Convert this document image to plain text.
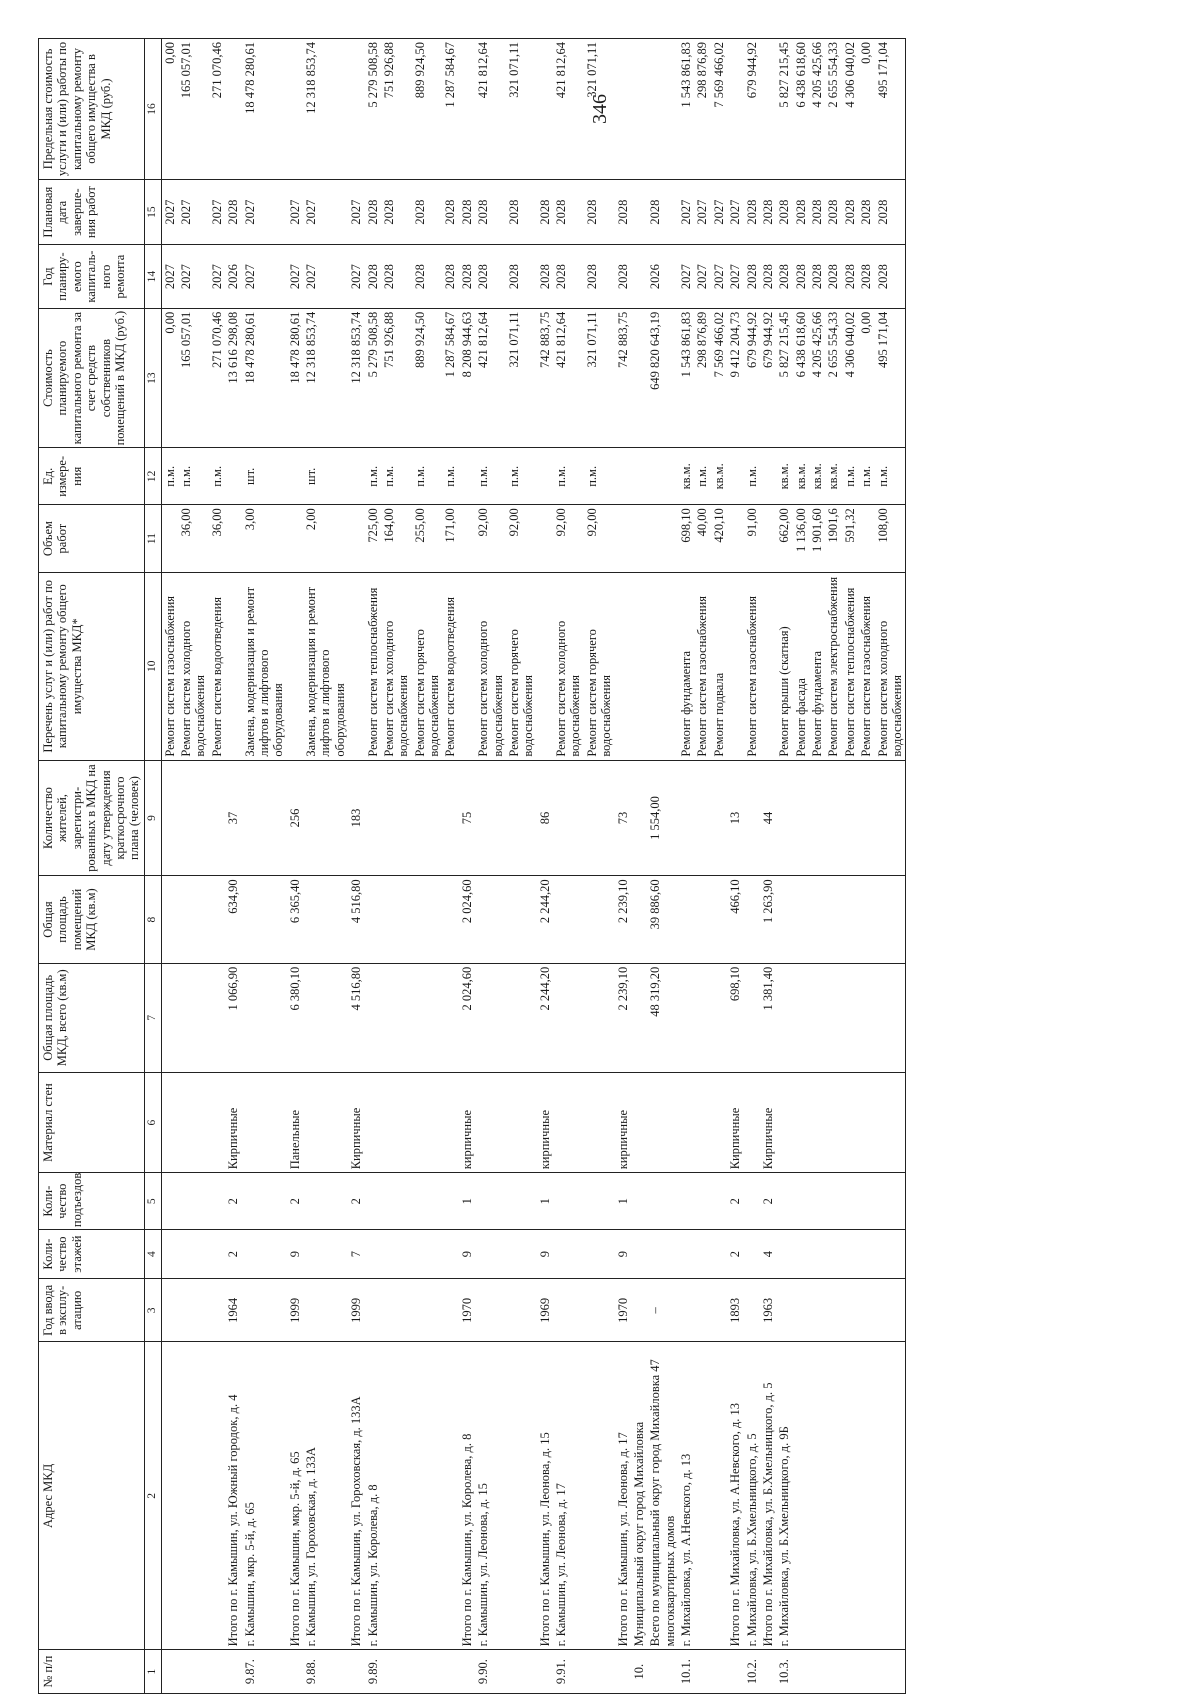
346
№ п/п	Адрес МКД	Год ввода в эксплу-атацию	Коли-чество этажей	Коли-чество подъездов	Материал стен	Общая площадь МКД, всего (кв.м)	Общая площадь помещений МКД (кв.м)	Количество жителей, зарегистри-рованных в МКД на дату утверждения краткосрочного плана (человек)	Перечень услуг и (или) работ по капитальному ремонту общего имущества МКД*	Объем работ	Ед. измере-ния	Стоимость планируемого капитального ремонта за счет средств собственников помещений в МКД (руб.)	Год планиру-емого капиталь-ного ремонта	Плановая дата заверше-ния работ	Предельная стоимость услуги и (или) работы по капитальному ремонту общего имущества в МКД (руб.)
1	2	3	4	5	6	7	8	9	10	11	12	13	14	15	16
									Ремонт систем газоснабжения		п.м.	0,00	2027	2027	0,00
									Ремонт систем холодного водоснабжения	36,00	п.м.	165 057,01	2027	2027	165 057,01
									Ремонт систем водоотведения	36,00	п.м.	271 070,46	2027	2027	271 070,46
	Итого по г. Камышин, ул. Южный городок, д. 4	1964	2	2	Кирпичные	1 066,90	634,90	37				13 616 298,08	2026	2028	
9.87.	г. Камышин, мкр. 5-й, д. 65								Замена, модернизация и ремонт лифтов и лифтового оборудования	3,00	шт.	18 478 280,61	2027	2027	18 478 280,61
	Итого по г. Камышин, мкр. 5-й, д. 65	1999	9	2	Панельные	6 380,10	6 365,40	256				18 478 280,61	2027	2027	
9.88.	г. Камышин, ул. Гороховская, д. 133А								Замена, модернизация и ремонт лифтов и лифтового оборудования	2,00	шт.	12 318 853,74	2027	2027	12 318 853,74
	Итого по г. Камышин, ул. Гороховская, д. 133А	1999	7	2	Кирпичные	4 516,80	4 516,80	183				12 318 853,74	2027	2027	
9.89.	г. Камышин, ул. Королева, д. 8								Ремонт систем теплоснабжения	725,00	п.м.	5 279 508,58	2028	2028	5 279 508,58
									Ремонт систем холодного водоснабжения	164,00	п.м.	751 926,88	2028	2028	751 926,88
									Ремонт систем горячего водоснабжения	255,00	п.м.	889 924,50	2028	2028	889 924,50
									Ремонт систем водоотведения	171,00	п.м.	1 287 584,67	2028	2028	1 287 584,67
	Итого по г. Камышин, ул. Королева, д. 8	1970	9	1	кирпичные	2 024,60	2 024,60	75				8 208 944,63	2028	2028	
9.90.	г. Камышин, ул. Леонова, д. 15								Ремонт систем холодного водоснабжения	92,00	п.м.	421 812,64	2028	2028	421 812,64
									Ремонт систем горячего водоснабжения	92,00	п.м.	321 071,11	2028	2028	321 071,11
	Итого по г. Камышин, ул. Леонова, д. 15	1969	9	1	кирпичные	2 244,20	2 244,20	86				742 883,75	2028	2028	
9.91.	г. Камышин, ул. Леонова, д. 17								Ремонт систем холодного водоснабжения	92,00	п.м.	421 812,64	2028	2028	421 812,64
									Ремонт систем горячего водоснабжения	92,00	п.м.	321 071,11	2028	2028	321 071,11
	Итого по г. Камышин, ул. Леонова, д. 17	1970	9	1	кирпичные	2 239,10	2 239,10	73				742 883,75	2028	2028	
10.	Муниципальный округ город Михайловка														
	Всего по муниципальный округ город Михайловка 47 многоквартирных домов	–				48 319,20	39 886,60	1 554,00				649 820 643,19	2026	2028	
10.1.	г. Михайловка, ул. А.Невского, д. 13								Ремонт фундамента	698,10	кв.м.	1 543 861,83	2027	2027	1 543 861,83
									Ремонт систем газоснабжения	40,00	п.м.	298 876,89	2027	2027	298 876,89
									Ремонт подвала	420,10	кв.м.	7 569 466,02	2027	2027	7 569 466,02
	Итого по г. Михайловка, ул. А.Невского, д. 13	1893	2	2	Кирпичные	698,10	466,10	13				9 412 204,73	2027	2027	
10.2.	г. Михайловка, ул. Б.Хмельницкого, д. 5								Ремонт систем газоснабжения	91,00	п.м.	679 944,92	2028	2028	679 944,92
	Итого по г. Михайловка, ул. Б.Хмельницкого, д. 5	1963	4	2	Кирпичные	1 381,40	1 263,90	44				679 944,92	2028	2028	
10.3.	г. Михайловка, ул. Б.Хмельницкого, д. 9Б								Ремонт крыши (скатная)	662,00	кв.м.	5 827 215,45	2028	2028	5 827 215,45
									Ремонт фасада	1 136,00	кв.м.	6 438 618,60	2028	2028	6 438 618,60
									Ремонт фундамента	1 901,60	кв.м.	4 205 425,66	2028	2028	4 205 425,66
									Ремонт систем электроснабжения	1901,6	кв.м.	2 655 554,33	2028	2028	2 655 554,33
									Ремонт систем теплоснабжения	591,32	п.м.	4 306 040,02	2028	2028	4 306 040,02
									Ремонт систем газоснабжения		п.м.	0,00	2028	2028	0,00
									Ремонт систем холодного водоснабжения	108,00	п.м.	495 171,04	2028	2028	495 171,04
